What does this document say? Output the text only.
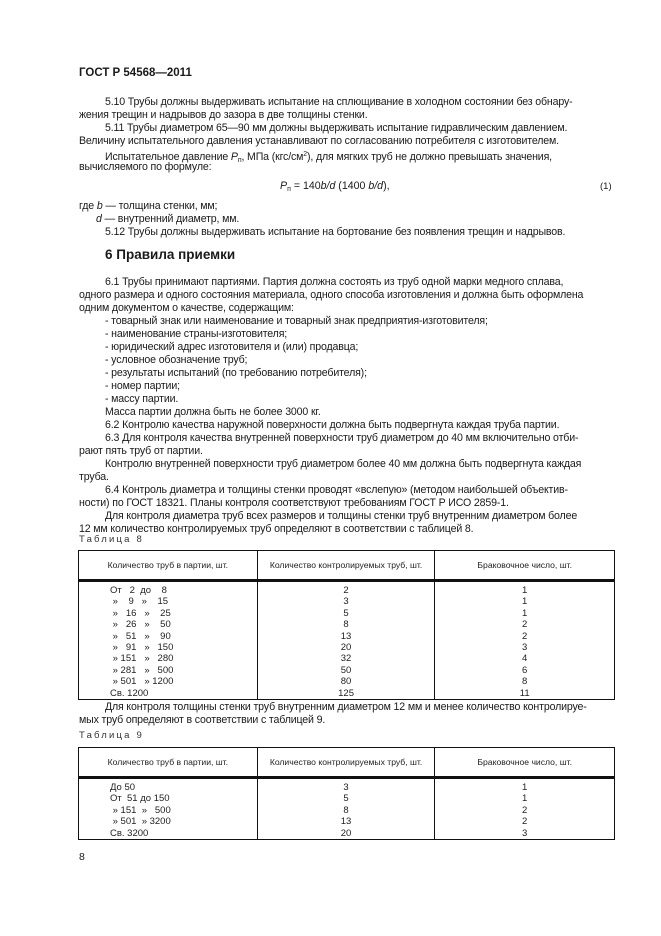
ГОСТ Р 54568—2011
5.10 Трубы должны выдерживать испытание на сплющивание в холодном состоянии без обнару-
жения трещин и надрывов до зазора в две толщины стенки.
5.11 Трубы диаметром 65—90 мм должны выдерживать испытание гидравлическим давлением.
Величину испытательного давления устанавливают по согласованию потребителя с изготовителем.
Испытательное давление $P_п$, МПа $(кгс/см^2)$, для мягких труб не должно превышать значения,
вычисляемого по формуле:
$P_п = 140b/d$ (1400 b/d),	(1)
где b — толщина стенки, мм;
d — внутренний диаметр, мм.
5.12 Трубы должны выдерживать испытание на бортование без появления трещин и надрывов.
6 Правила приемки
6.1 Трубы принимают партиями. Партия должна состоять из труб одной марки медного сплава,
одного размера и одного состояния материала, одного способа изготовления и должна быть оформлена
одним документом о качестве, содержащим:
- товарный знак или наименование и товарный знак предприятия-изготовителя;
- наименование страны-изготовителя;
- юридический адрес изготовителя и (или) продавца;
- условное обозначение труб;
- результаты испытаний (по требованию потребителя);
- номер партии;
- массу партии.
Масса партии должна быть не более 3000 кг.
6.2 Контролю качества наружной поверхности должна быть подвергнута каждая труба партии.
6.3 Для контроля качества внутренней поверхности труб диаметром до 40 мм включительно отби-
рают пять труб от партии.
Контролю внутренней поверхности труб диаметром более 40 мм должна быть подвергнута каждая
труба.
6.4 Контроль диаметра и толщины стенки проводят «вслепую» (методом наибольшей объектив-
ности) по ГОСТ 18321. Планы контроля соответствуют требованиям ГОСТ Р ИСО 2859-1.
Для контроля диаметра труб всех размеров и толщины стенки труб внутренним диаметром более
12 мм количество контролируемых труб определяют в соответствии с таблицей 8.
Таблица 8
Количество труб в партии, шт.	Количество контролируемых труб, шт.	Браковочное число, шт.
От   2  до    8	2	1
»    9   »    15	3	1
»   16   »    25	5	1
»   26   »    50	8	2
»   51   »    90	13	2
»   91   »   150	20	3
» 151   »   280	32	4
» 281   »   500	50	6
» 501   » 1200	80	8
Св. 1200	125	11
Для контроля толщины стенки труб внутренним диаметром 12 мм и менее количество контролируе-
мых труб определяют в соответствии с таблицей 9.
Таблица 9
Количество труб в партии, шт.	Количество контролируемых труб, шт.	Браковочное число, шт.
До 50	3	1
От  51 до 150	5	1
» 151  »   500	8	2
» 501  » 3200	13	2
Св. 3200	20	3
8
